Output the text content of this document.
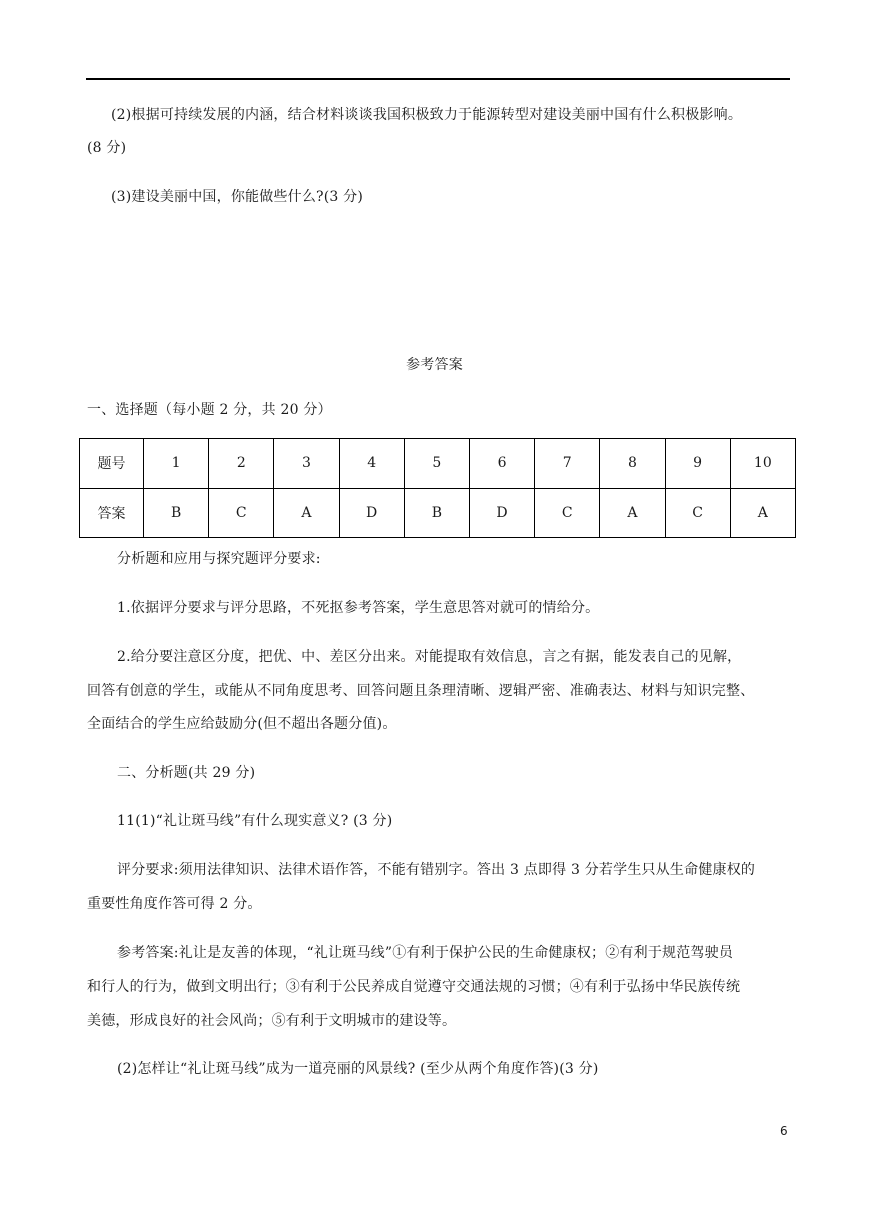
(2)根据可持续发展的内涵，结合材料谈谈我国积极致力于能源转型对建设美丽中国有什么积极影响。
(8 分)
(3)建设美丽中国，你能做些什么?(3 分)
参考答案
一、选择题（每小题 2 分，共 20 分）
题号	1	2	3	4	5	6	7	8	9	10
答案	B	C	A	D	B	D	C	A	C	A
分析题和应用与探究题评分要求:
1.依据评分要求与评分思路，不死抠参考答案，学生意思答对就可的情给分。
2.给分要注意区分度，把优、中、差区分出来。对能提取有效信息，言之有据，能发表自己的见解，
回答有创意的学生，或能从不同角度思考、回答问题且条理清晰、逻辑严密、准确表达、材料与知识完整、
全面结合的学生应给鼓励分(但不超出各题分值)。
二、分析题(共 29 分)
11(1)“礼让斑马线”有什么现实意义? (3 分)
评分要求:须用法律知识、法律术语作答，不能有错别字。答出 3 点即得 3 分若学生只从生命健康权的
重要性角度作答可得 2 分。
参考答案:礼让是友善的体现，“礼让斑马线”①有利于保护公民的生命健康权；②有利于规范驾驶员
和行人的行为，做到文明出行；③有利于公民养成自觉遵守交通法规的习惯；④有利于弘扬中华民族传统
美德，形成良好的社会风尚；⑤有利于文明城市的建设等。
(2)怎样让“礼让斑马线”成为一道亮丽的风景线? (至少从两个角度作答)(3 分)
6
